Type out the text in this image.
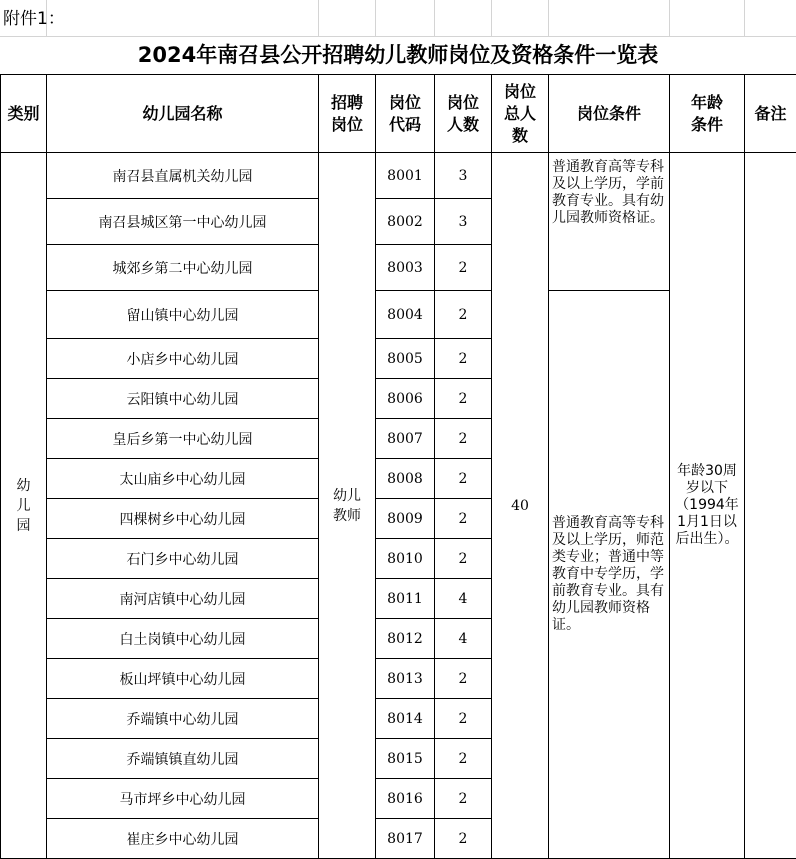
附件1：
2024年南召县公开招聘幼儿教师岗位及资格条件一览表
类别	幼儿园名称	招聘岗位	岗位代码	岗位人数	岗位总人数	岗位条件	年龄条件	备注

幼儿园	南召县直属机关幼儿园	幼儿教师	8001	3	40	普通教育高等专科及以上学历，学前教育专业。具有幼儿园教师资格证。	年龄30周岁以下（1994年1月1日以后出生）。	

	南召县城区第一中心幼儿园		8002	3				
	城郊乡第二中心幼儿园		8003	2				
	留山镇中心幼儿园		8004	2		普通教育高等专科及以上学历，师范类专业；普通中等教育中专学历，学前教育专业。具有幼儿园教师资格证。		
	小店乡中心幼儿园		8005	2				
	云阳镇中心幼儿园		8006	2				
	皇后乡第一中心幼儿园		8007	2				
	太山庙乡中心幼儿园		8008	2				
	四棵树乡中心幼儿园		8009	2				
	石门乡中心幼儿园		8010	2				
	南河店镇中心幼儿园		8011	4				
	白土岗镇中心幼儿园		8012	4				
	板山坪镇中心幼儿园		8013	2				
	乔端镇中心幼儿园		8014	2				
	乔端镇镇直幼儿园		8015	2				
	马市坪乡中心幼儿园		8016	2				
	崔庄乡中心幼儿园		8017	2				
